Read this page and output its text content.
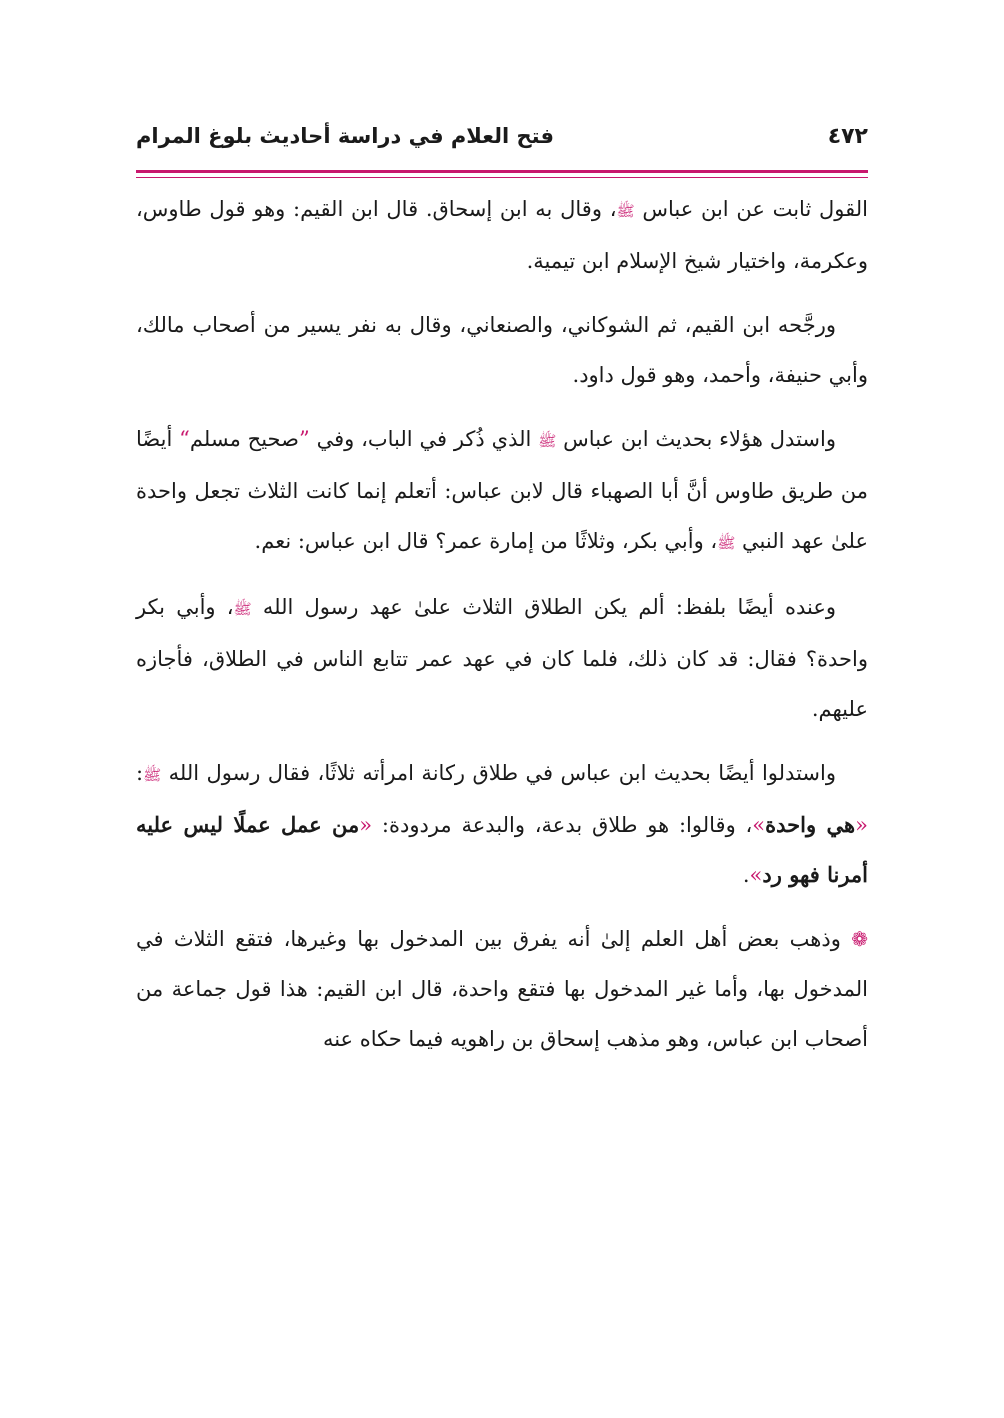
٤٧٢
فتح العلام في دراسة أحاديث بلوغ المرام

القول ثابت عن ابن عباس ﷺ، وقال به ابن إسحاق. قال ابن القيم: وهو قول طاوس، وعكرمة، واختيار شيخ الإسلام ابن تيمية.

ورجَّحه ابن القيم، ثم الشوكاني، والصنعاني، وقال به نفر يسير من أصحاب مالك، وأبي حنيفة، وأحمد، وهو قول داود.

واستدل هؤلاء بحديث ابن عباس ﷺ الذي ذُكر في الباب، وفي ”صحيح مسلم“ أيضًا من طريق طاوس أنَّ أبا الصهباء قال لابن عباس: أتعلم إنما كانت الثلاث تجعل واحدة علىٰ عهد النبي ﷺ، وأبي بكر، وثلاثًا من إمارة عمر؟ قال ابن عباس: نعم.

وعنده أيضًا بلفظ: ألم يكن الطلاق الثلاث علىٰ عهد رسول الله ﷺ، وأبي بكر واحدة؟ فقال: قد كان ذلك، فلما كان في عهد عمر تتابع الناس في الطلاق، فأجازه عليهم.

واستدلوا أيضًا بحديث ابن عباس في طلاق ركانة امرأته ثلاثًا، فقال رسول الله ﷺ: «هي واحدة»، وقالوا: هو طلاق بدعة، والبدعة مردودة: «من عمل عملًا ليس عليه أمرنا فهو رد».

❁ وذهب بعض أهل العلم إلىٰ أنه يفرق بين المدخول بها وغيرها، فتقع الثلاث في المدخول بها، وأما غير المدخول بها فتقع واحدة، قال ابن القيم: هذا قول جماعة من أصحاب ابن عباس، وهو مذهب إسحاق بن راهويه فيما حكاه عنه
